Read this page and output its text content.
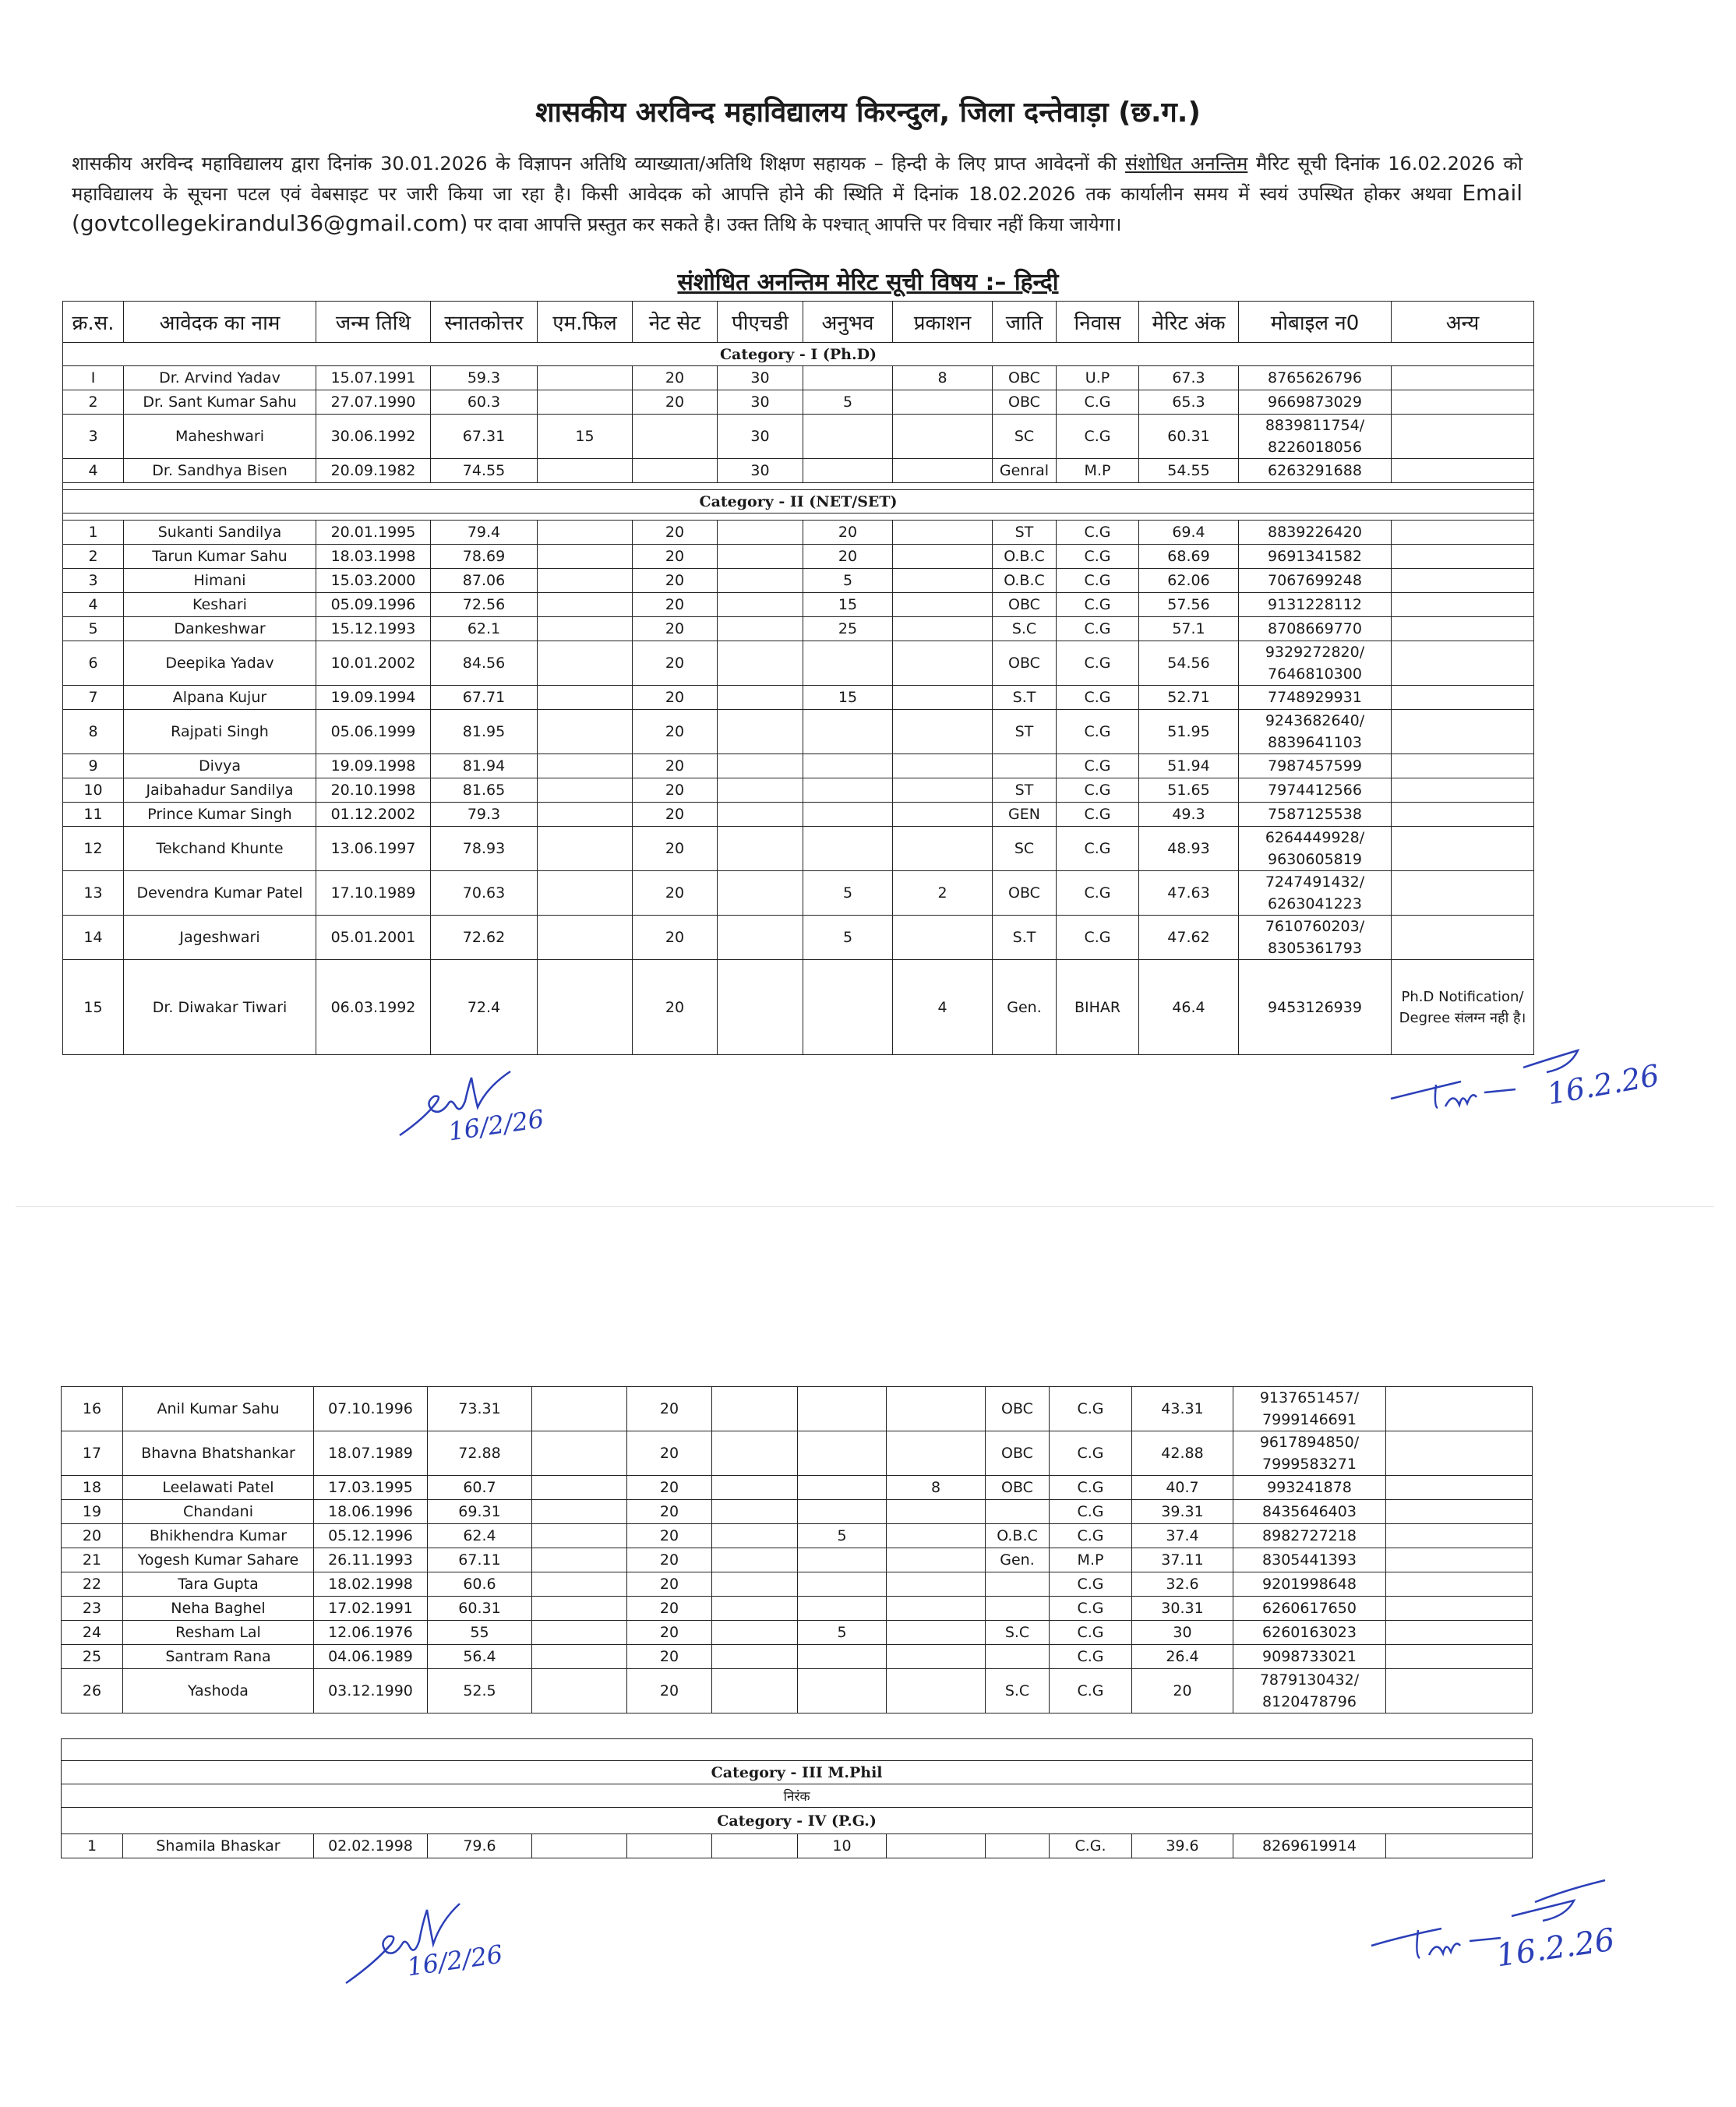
शासकीय अरविन्द महाविद्यालय किरन्दुल, जिला दन्तेवाड़ा (छ.ग.)
शासकीय अरविन्द महाविद्यालय द्वारा दिनांक 30.01.2026 के विज्ञापन अतिथि व्याख्याता/अतिथि शिक्षण सहायक – हिन्दी के लिए प्राप्त आवेदनों की संशोधित अनन्तिम मैरिट सूची दिनांक 16.02.2026 को महाविद्यालय के सूचना पटल एवं वेबसाइट पर जारी किया जा रहा है। किसी आवेदक को आपत्ति होने की स्थिति में दिनांक 18.02.2026 तक कार्यालीन समय में स्वयं उपस्थित होकर अथवा Email (govtcollegekirandul36@gmail.com) पर दावा आपत्ति प्रस्तुत कर सकते है। उक्त तिथि के पश्चात् आपत्ति पर विचार नहीं किया जायेगा।
संशोधित अनन्तिम मेरिट सूची विषय :– हिन्दी
क्र.स.	आवेदक का नाम	जन्म तिथि	स्नातकोत्तर	एम.फिल	नेट सेट	पीएचडी	अनुभव	प्रकाशन	जाति	निवास	मेरिट अंक	मोबाइल न0	अन्य
Category - I (Ph.D)													
I	Dr. Arvind Yadav	15.07.1991	59.3		20	30		8	OBC	U.P	67.3	8765626796	
2	Dr. Sant Kumar Sahu	27.07.1990	60.3		20	30	5		OBC	C.G	65.3	9669873029	
3	Maheshwari	30.06.1992	67.31	15		30			SC	C.G	60.31	8839811754/ 8226018056	
4	Dr. Sandhya Bisen	20.09.1982	74.55			30			Genral	M.P	54.55	6263291688	

Category - II (NET/SET)													

1	Sukanti Sandilya	20.01.1995	79.4		20		20		ST	C.G	69.4	8839226420	
2	Tarun Kumar Sahu	18.03.1998	78.69		20		20		O.B.C	C.G	68.69	9691341582	
3	Himani	15.03.2000	87.06		20		5		O.B.C	C.G	62.06	7067699248	
4	Keshari	05.09.1996	72.56		20		15		OBC	C.G	57.56	9131228112	
5	Dankeshwar	15.12.1993	62.1		20		25		S.C	C.G	57.1	8708669770	
6	Deepika Yadav	10.01.2002	84.56		20				OBC	C.G	54.56	9329272820/ 7646810300	
7	Alpana Kujur	19.09.1994	67.71		20		15		S.T	C.G	52.71	7748929931	
8	Rajpati Singh	05.06.1999	81.95		20				ST	C.G	51.95	9243682640/ 8839641103	
9	Divya	19.09.1998	81.94		20					C.G	51.94	7987457599	
10	Jaibahadur Sandilya	20.10.1998	81.65		20				ST	C.G	51.65	7974412566	
11	Prince Kumar Singh	01.12.2002	79.3		20				GEN	C.G	49.3	7587125538	
12	Tekchand Khunte	13.06.1997	78.93		20				SC	C.G	48.93	6264449928/ 9630605819	
13	Devendra Kumar Patel	17.10.1989	70.63		20		5	2	OBC	C.G	47.63	7247491432/ 6263041223	
14	Jageshwari	05.01.2001	72.62		20		5		S.T	C.G	47.62	7610760203/ 8305361793	
15	Dr. Diwakar Tiwari	06.03.1992	72.4		20			4	Gen.	BIHAR	46.4	9453126939	Ph.D Notification/ Degree संलग्न नही है।
16	Anil Kumar Sahu	07.10.1996	73.31		20				OBC	C.G	43.31	9137651457/ 7999146691	
17	Bhavna Bhatshankar	18.07.1989	72.88		20				OBC	C.G	42.88	9617894850/ 7999583271	
18	Leelawati Patel	17.03.1995	60.7		20			8	OBC	C.G	40.7	993241878	
19	Chandani	18.06.1996	69.31		20					C.G	39.31	8435646403	
20	Bhikhendra Kumar	05.12.1996	62.4		20		5		O.B.C	C.G	37.4	8982727218	
21	Yogesh Kumar Sahare	26.11.1993	67.11		20				Gen.	M.P	37.11	8305441393	
22	Tara Gupta	18.02.1998	60.6		20					C.G	32.6	9201998648	
23	Neha Baghel	17.02.1991	60.31		20					C.G	30.31	6260617650	
24	Resham Lal	12.06.1976	55		20		5		S.C	C.G	30	6260163023	
25	Santram Rana	04.06.1989	56.4		20					C.G	26.4	9098733021	
26	Yashoda	03.12.1990	52.5		20				S.C	C.G	20	7879130432/ 8120478796	

Category - III M.Phil
निरंक
Category - IV (P.G.)
1	Shamila Bhaskar	02.02.1998	79.6				10			C.G.	39.6	8269619914	
16/2/26
16.2.26
16/2/26	16.2.26
